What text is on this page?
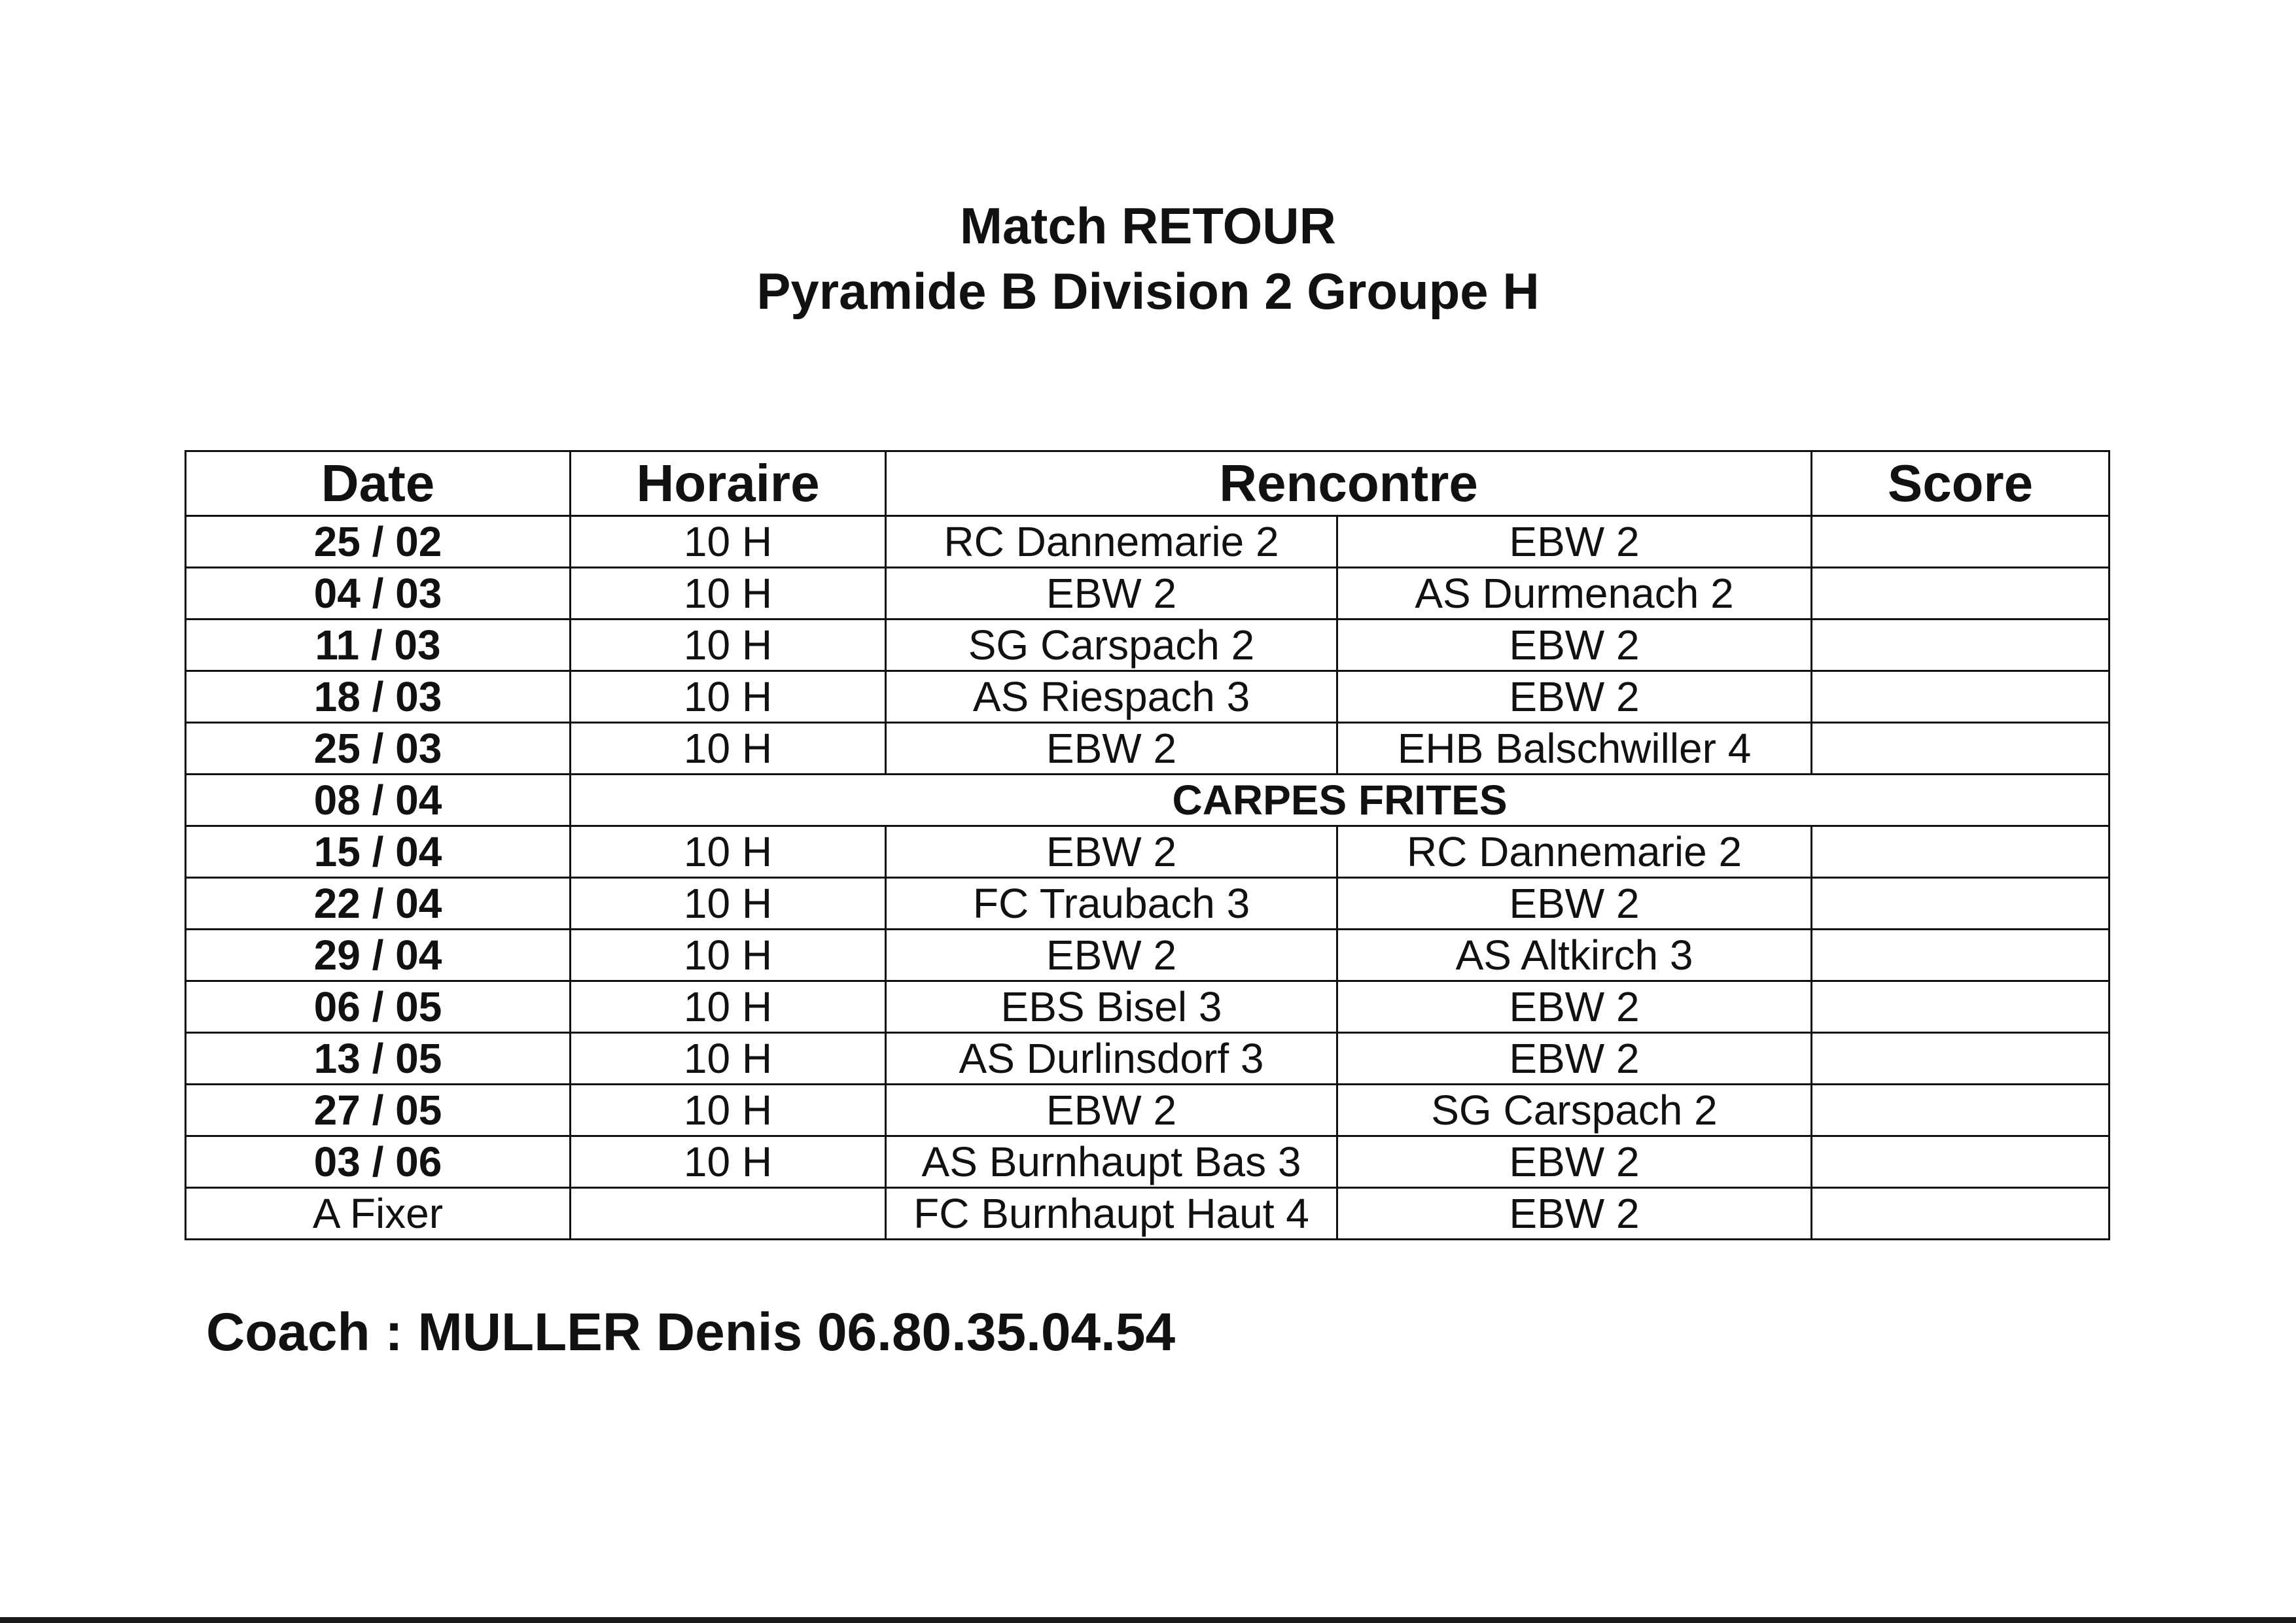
Match RETOUR
Pyramide B Division 2 Groupe H
Date	Horaire	Rencontre		Score
25 / 02	10 H	RC Dannemarie 2	EBW 2	
04 / 03	10 H	EBW 2	AS Durmenach 2	
11 / 03	10 H	SG Carspach 2	EBW 2	
18 / 03	10 H	AS Riespach 3	EBW 2	
25 / 03	10 H	EBW 2	EHB Balschwiller 4	
08 / 04	CARPES FRITES			
15 / 04	10 H	EBW 2	RC Dannemarie 2	
22 / 04	10 H	FC Traubach 3	EBW 2	
29 / 04	10 H	EBW 2	AS Altkirch 3	
06 / 05	10 H	EBS Bisel 3	EBW 2	
13 / 05	10 H	AS Durlinsdorf 3	EBW 2	
27 / 05	10 H	EBW 2	SG Carspach 2	
03 / 06	10 H	AS Burnhaupt Bas 3	EBW 2	
A Fixer		FC Burnhaupt Haut 4	EBW 2	
Coach : MULLER Denis 06.80.35.04.54
